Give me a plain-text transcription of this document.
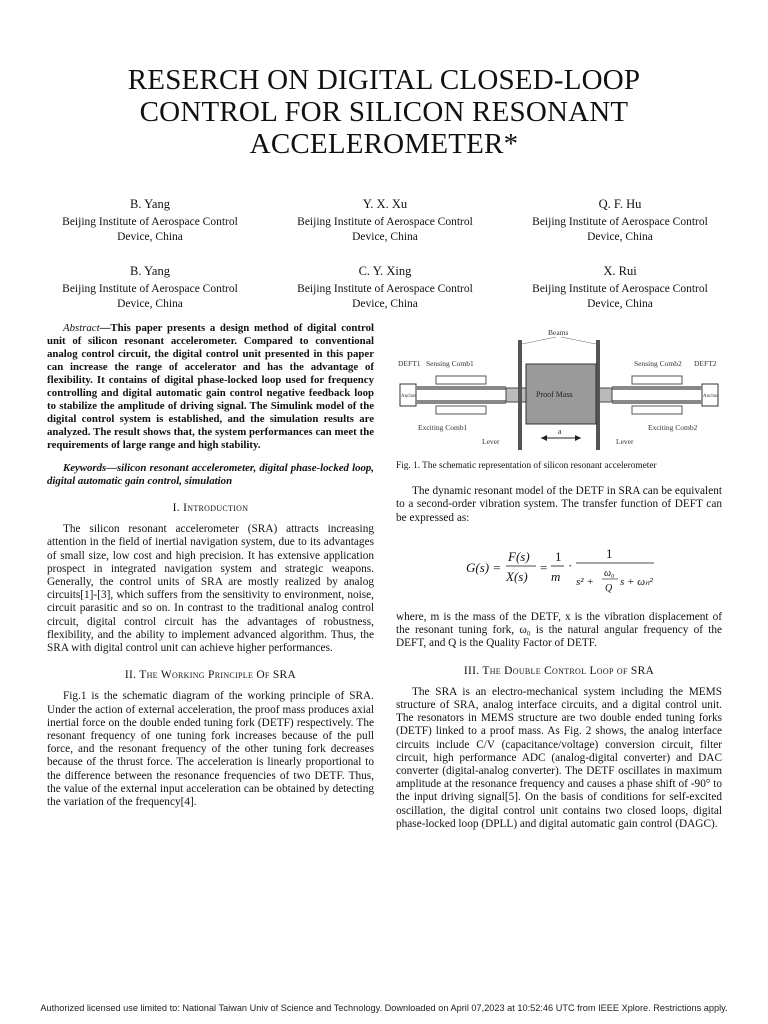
RESERCH ON DIGITAL CLOSED-LOOP
CONTROL FOR SILICON RESONANT
ACCELEROMETER*
B. Yang
Beijing Institute of Aerospace Control
Device, China
Y. X. Xu
Beijing Institute of Aerospace Control
Device, China
Q. F. Hu
Beijing Institute of Aerospace Control
Device, China
B. Yang
Beijing Institute of Aerospace Control
Device, China
C. Y. Xing
Beijing Institute of Aerospace Control
Device, China
X. Rui
Beijing Institute of Aerospace Control
Device, China

Abstract—This paper presents a design method of digital control unit of silicon resonant accelerometer. Compared to conventional analog control circuit, the digital control unit presented in this paper can increase the range of accelerator and has the advantage of flexibility. It contains of digital phase-locked loop used for frequency controlling and digital automatic gain control negative feedback loop to stabilize the amplitude of driving signal. The Simulink model of the digital control system is established, and the simulation results are analyzed. The result shows that, the system performances can meet the requirements of large range and high stability.

Keywords—silicon resonant accelerometer, digital phase-locked loop, digital automatic gain control, simulation

I. Introduction

The silicon resonant accelerometer (SRA) attracts increasing attention in the field of inertial navigation system, due to its advantages of small size, low cost and high precision. It has extensive application prospect in integrated navigation system and strategic weapons. Generally, the control units of SRA are mostly realized by analog circuits[1]-[3], which suffers from the sensitivity to environment, noise, circuit parasitic and so on. In contrast to the traditional analog control circuit, digital control circuit has the advantages of robustness, flexibility, and the ability to implement advanced algorithm. Thus, the SRA with digital control unit can achieve higher performances.

II. The Working Principle Of SRA

Fig.1 is the schematic diagram of the working principle of SRA. Under the action of external acceleration, the proof mass produces axial inertial force on the double ended tuning fork (DETF) respectively. The resonant frequency of one tuning fork increases because of the pull force, and the resonant frequency of the other tuning fork decreases because of the thrust force. The acceleration is linearly proportional to the difference between the resonance frequencies of two DETF. Thus, the value of the external input acceleration can be obtained by detecting the variation of the frequency[4].

Anchor	Anchor
Proof Mass
a
Beams
DEFT1 Sensing Comb1	Sensing Comb2 DEFT2
Exciting Comb1
Lever	Lever
Exciting Comb2

Fig. 1. The schematic representation of silicon resonant accelerometer

The dynamic resonant model of the DETF in SRA can be equivalent to a second-order vibration system. The transfer function of DEFT can be expressed as:

G(s) =
F(s)
X(s)
=
1
m
·
1
s² +
ω₀
Q
s + ωₙ²

where, m is the mass of the DETF, x is the vibration displacement of the resonant tuning fork, ω₀ is the natural angular frequency of the DEFT, and Q is the Quality Factor of DETF.

III. The Double Control Loop of SRA

The SRA is an electro-mechanical system including the MEMS structure of SRA, analog interface circuits, and a digital control unit. The resonators in MEMS structure are two double ended tuning forks (DETF) linked to a proof mass. As Fig. 2 shows, the analog interface circuits include C/V (capacitance/voltage) conversion circuit, filter circuit, high performance ADC (analog-digital converter) and DAC converter (digital-analog converter). The DETF oscillates in maximum amplitude at the resonance frequency and causes a phase shift of -90° to the input driving signal[5]. On the basis of conditions for self-excited oscillation, the digital control unit contains two closed loops, digital phase-locked loop (DPLL) and digital automatic gain control (DAGC).

Authorized licensed use limited to: National Taiwan Univ of Science and Technology. Downloaded on April 07,2023 at 10:52:46 UTC from IEEE Xplore. Restrictions apply.
